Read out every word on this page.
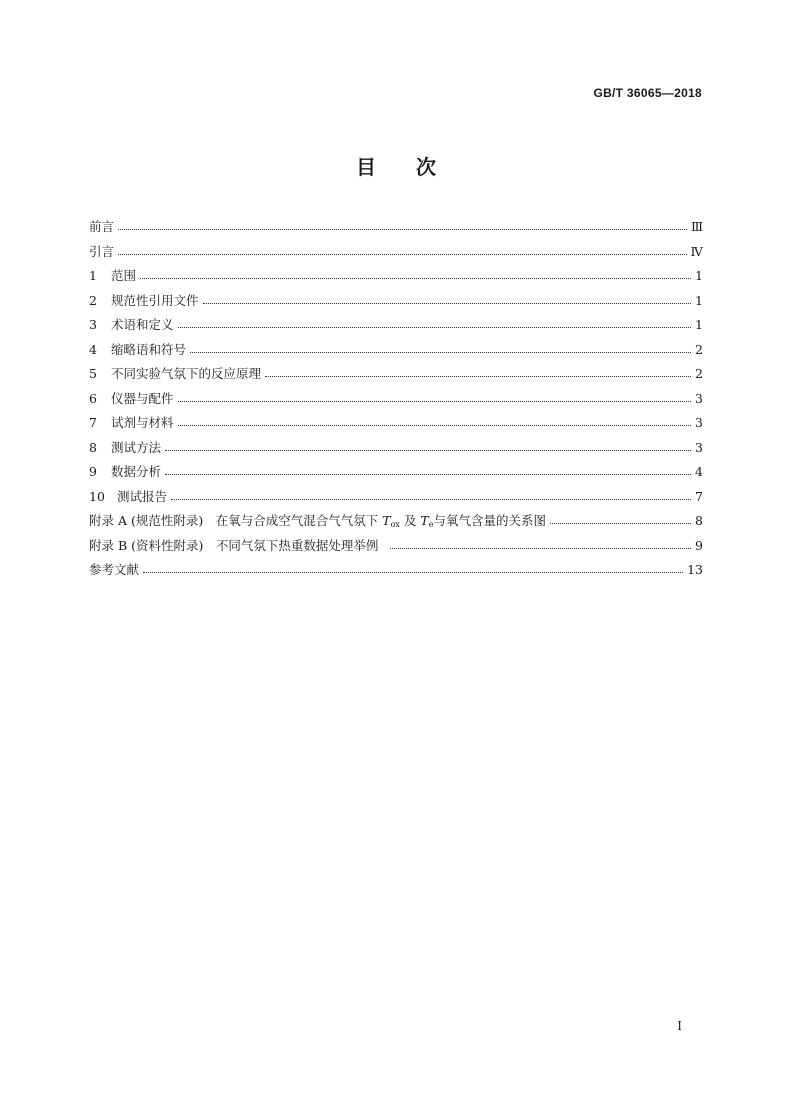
GB/T 36065—2018
目 次
前言	Ⅲ
引言	Ⅳ
1	范围	1
2	规范性引用文件	1
3	术语和定义	1
4	缩略语和符号	2
5	不同实验气氛下的反应原理	2
6	仪器与配件	3
7	试剂与材料	3
8	测试方法	3
9	数据分析	4
10 测试报告	7
附录 A (规范性附录)　在氧与合成空气混合气气氛下 $T_{ox}$ 及 $T_e$与氧气含量的关系图	8
附录 B (资料性附录)　不同气氛下热重数据处理举例	9
参考文献	13
I
